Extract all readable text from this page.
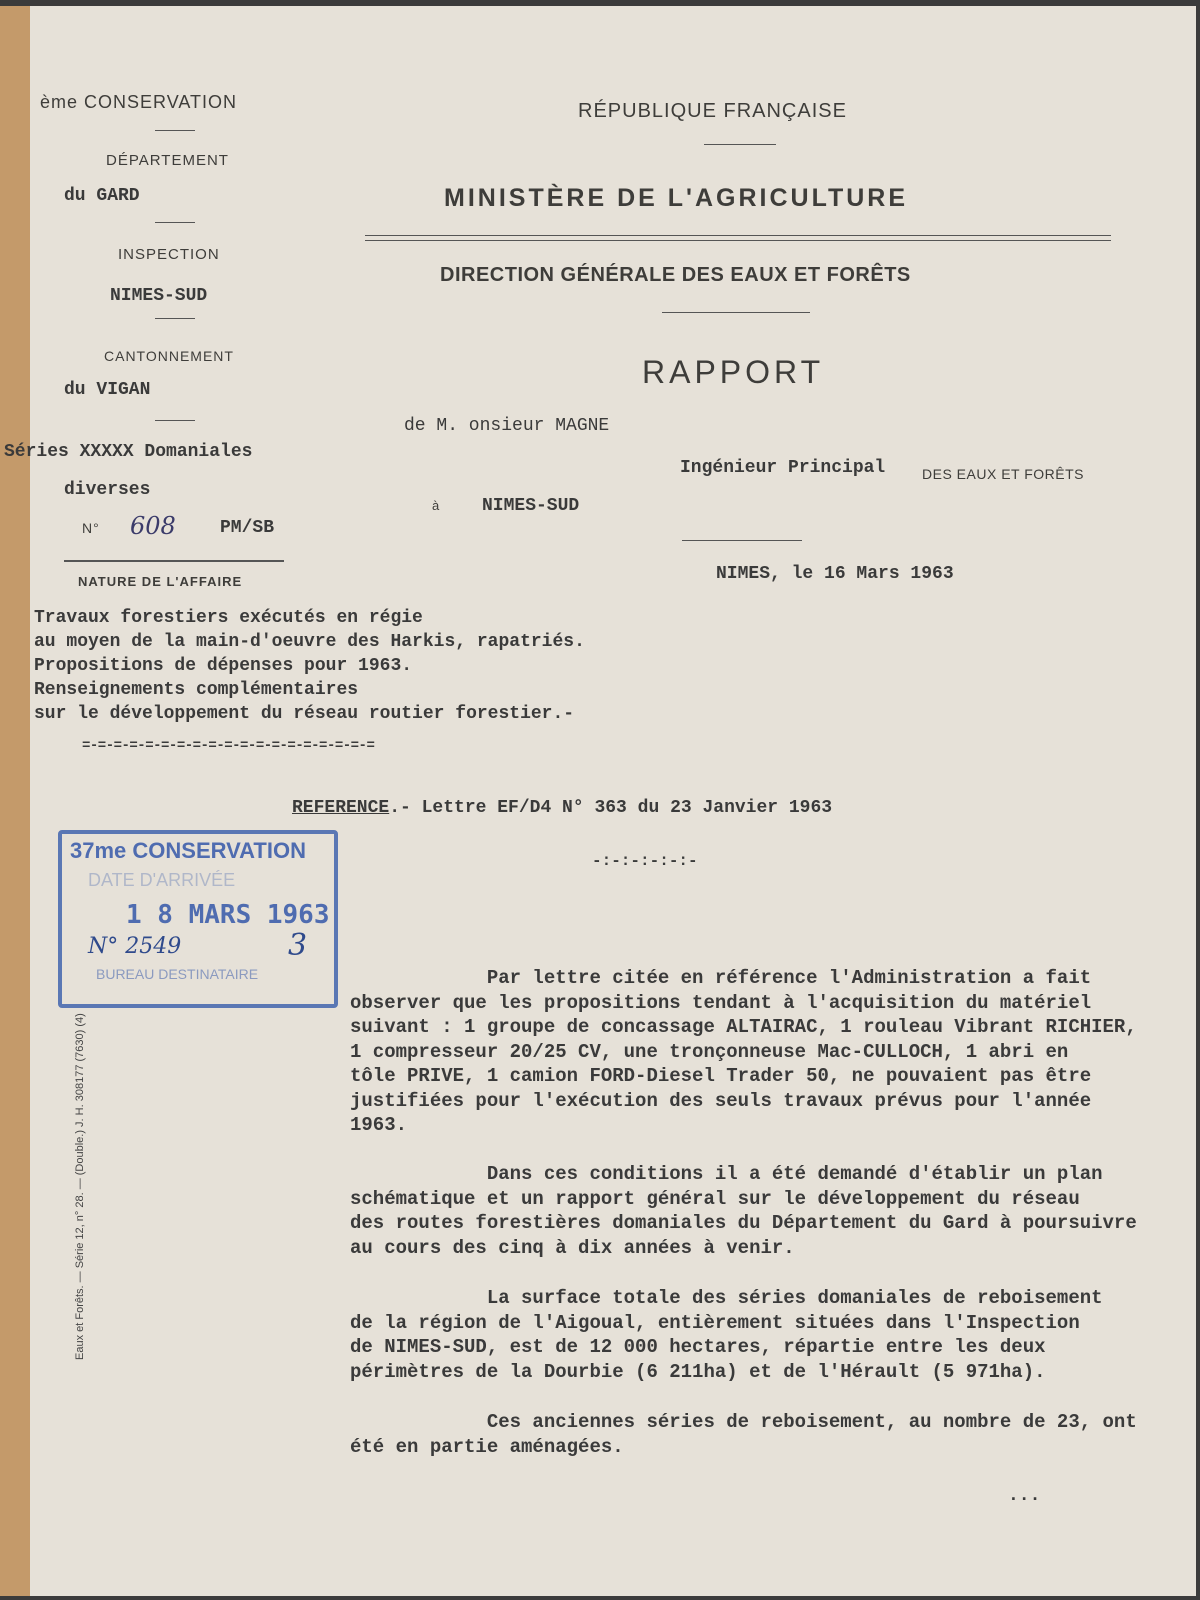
ème CONSERVATION
DÉPARTEMENT
du GARD
INSPECTION
NIMES-SUD
CANTONNEMENT
du VIGAN
Séries XXXXX Domaniales
diverses
N° 608 PM/SB
NATURE DE L'AFFAIRE
RÉPUBLIQUE FRANÇAISE
MINISTÈRE DE L'AGRICULTURE
DIRECTION GÉNÉRALE DES EAUX ET FORÊTS
RAPPORT
de M. onsieur MAGNE
Ingénieur Principal	DES EAUX ET FORÊTS
à NIMES-SUD
NIMES, le 16 Mars 1963
Travaux forestiers exécutés en régie
au moyen de la main-d'oeuvre des Harkis, rapatriés.
Propositions de dépenses pour 1963.
Renseignements complémentaires
sur le développement du réseau routier forestier.-
=-=-=-=-=-=-=-=-=-=-=-=-=-=-=-=-=-=-=
REFERENCE.- Lettre EF/D4 N° 363 du 23 Janvier 1963
-:-:-:-:-:-
37me CONSERVATION
DATE D'ARRIVÉE
1 8 MARS 1963
N° 2549
BUREAU DESTINATAIRE
3
Par lettre citée en référence l'Administration a fait
observer que les propositions tendant à l'acquisition du matériel
suivant : 1 groupe de concassage ALTAIRAC, 1 rouleau Vibrant RICHIER,
1 compresseur 20/25 CV, une tronçonneuse Mac-CULLOCH, 1 abri en
tôle PRIVE, 1 camion FORD-Diesel Trader 50, ne pouvaient pas être
justifiées pour l'exécution des seuls travaux prévus pour l'année
1963.
Dans ces conditions il a été demandé d'établir un plan
schématique et un rapport général sur le développement du réseau
des routes forestières domaniales du Département du Gard à poursuivre
au cours des cinq à dix années à venir.
La surface totale des séries domaniales de reboisement
de la région de l'Aigoual, entièrement situées dans l'Inspection
de NIMES-SUD, est de 12 000 hectares, répartie entre les deux
périmètres de la Dourbie (6 211ha) et de l'Hérault (5 971ha).
Ces anciennes séries de reboisement, au nombre de 23, ont
été en partie aménagées.
...
Eaux et Forêts. — Série 12, n° 28. — (Double.) J. H. 308177 (7630) (4)
